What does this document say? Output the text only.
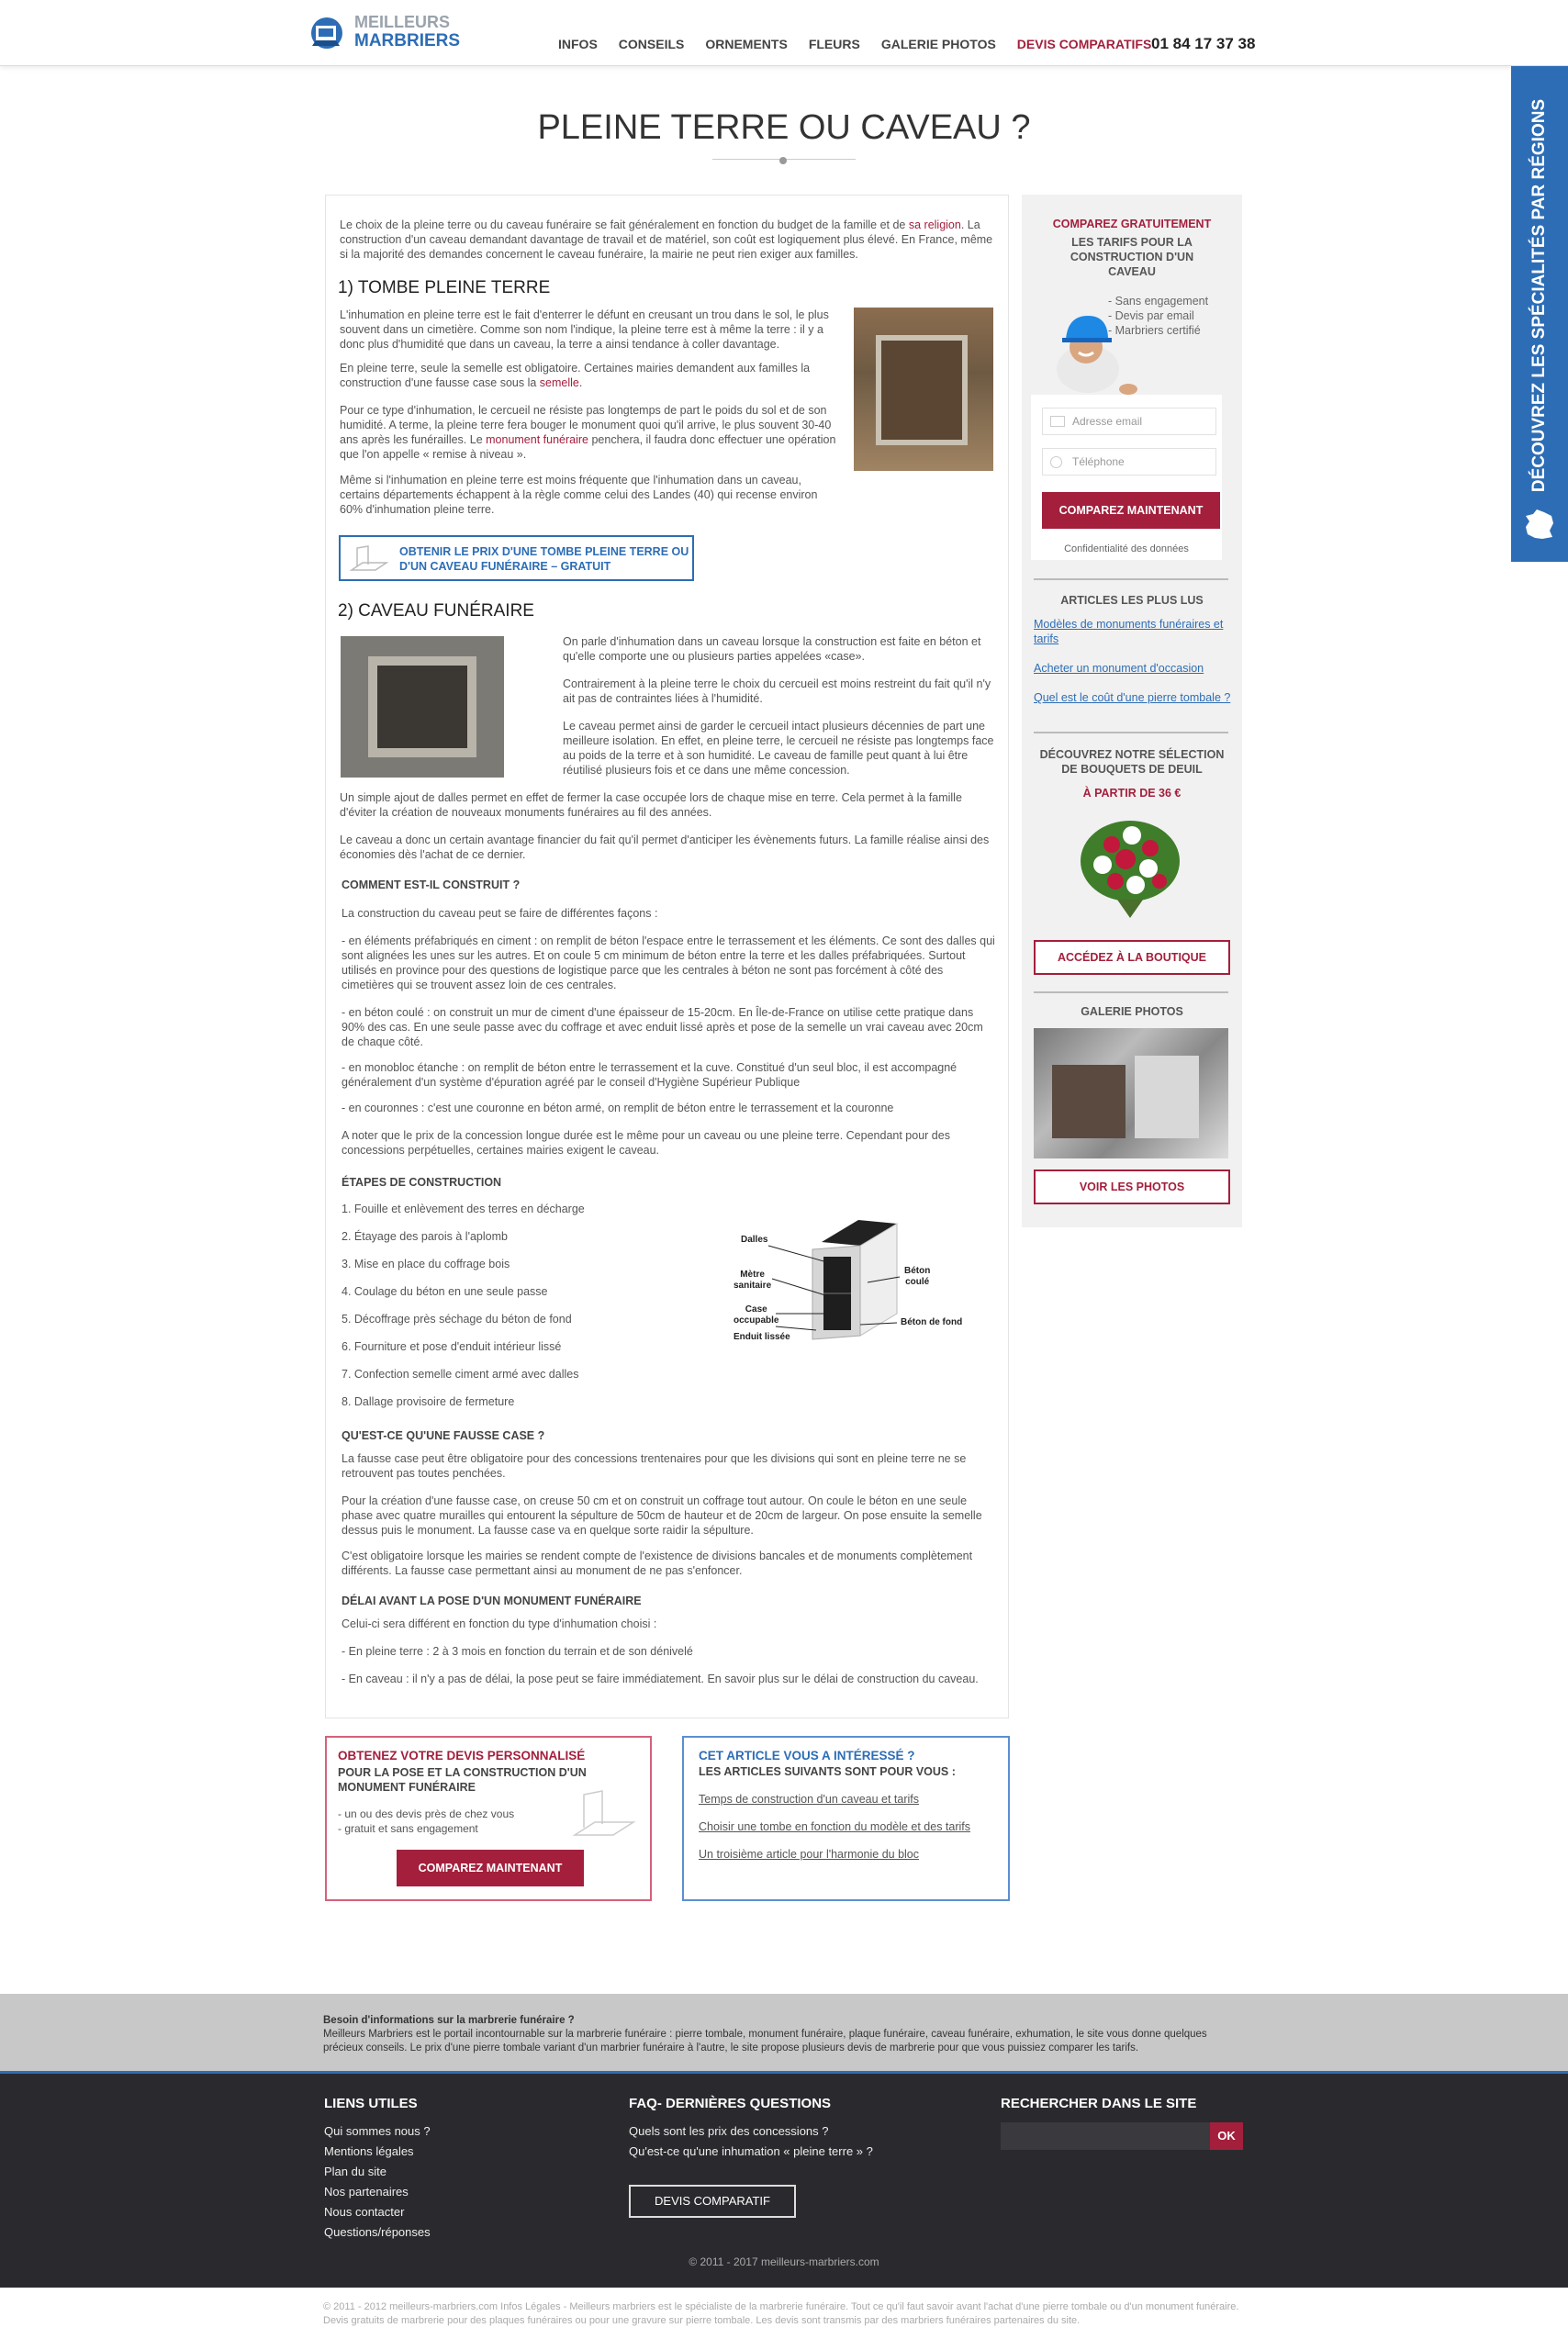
MEILLEURS
MARBRIERS	INFOS CONSEILS ORNEMENTS FLEURS GALERIE PHOTOS DEVIS COMPARATIFS 01 84 17 37 38
DÉCOUVREZ LES SPÉCIALITÉS PAR RÉGIONS
PLEINE TERRE OU CAVEAU ?
Le choix de la pleine terre ou du caveau funéraire se fait généralement en fonction du budget de la famille et de sa religion. La construction d'un caveau demandant davantage de travail et de matériel, son coût est logiquement plus élevé. En France, même si la majorité des demandes concernent le caveau funéraire, la mairie ne peut rien exiger aux familles.
1) TOMBE PLEINE TERRE
L'inhumation en pleine terre est le fait d'enterrer le défunt en creusant un trou dans le sol, le plus souvent dans un cimetière. Comme son nom l'indique, la pleine terre est à même la terre : il y a donc plus d'humidité que dans un caveau, la terre a ainsi tendance à coller davantage.
En pleine terre, seule la semelle est obligatoire. Certaines mairies demandent aux familles la construction d'une fausse case sous la semelle.
Pour ce type d'inhumation, le cercueil ne résiste pas longtemps de part le poids du sol et de son humidité. A terme, la pleine terre fera bouger le monument quoi qu'il arrive, le plus souvent 30-40 ans après les funérailles. Le monument funéraire penchera, il faudra donc effectuer une opération que l'on appelle « remise à niveau ».
Même si l'inhumation en pleine terre est moins fréquente que l'inhumation dans un caveau, certains départements échappent à la règle comme celui des Landes (40) qui recense environ 60% d'inhumation pleine terre.
OBTENIR LE PRIX D'UNE TOMBE PLEINE TERRE OU D'UN CAVEAU FUNÉRAIRE – GRATUIT
2) CAVEAU FUNÉRAIRE
On parle d'inhumation dans un caveau lorsque la construction est faite en béton et qu'elle comporte une ou plusieurs parties appelées «case».
Contrairement à la pleine terre le choix du cercueil est moins restreint du fait qu'il n'y ait pas de contraintes liées à l'humidité.
Le caveau permet ainsi de garder le cercueil intact plusieurs décennies de part une meilleure isolation. En effet, en pleine terre, le cercueil ne résiste pas longtemps face au poids de la terre et à son humidité. Le caveau de famille peut quant à lui être réutilisé plusieurs fois et ce dans une même concession.
Un simple ajout de dalles permet en effet de fermer la case occupée lors de chaque mise en terre. Cela permet à la famille d'éviter la création de nouveaux monuments funéraires au fil des années.
Le caveau a donc un certain avantage financier du fait qu'il permet d'anticiper les évènements futurs. La famille réalise ainsi des économies dès l'achat de ce dernier.
COMMENT EST-IL CONSTRUIT ?
La construction du caveau peut se faire de différentes façons :
- en éléments préfabriqués en ciment : on remplit de béton l'espace entre le terrassement et les éléments. Ce sont des dalles qui sont alignées les unes sur les autres. Et on coule 5 cm minimum de béton entre la terre et les dalles préfabriquées. Surtout utilisés en province pour des questions de logistique parce que les centrales à béton ne sont pas forcément à côté des cimetières qui se trouvent assez loin de ces centrales.
- en béton coulé : on construit un mur de ciment d'une épaisseur de 15-20cm. En Île-de-France on utilise cette pratique dans 90% des cas. En une seule passe avec du coffrage et avec enduit lissé après et pose de la semelle un vrai caveau avec 20cm de chaque côté.
- en monobloc étanche : on remplit de béton entre le terrassement et la cuve. Constitué d'un seul bloc, il est accompagné généralement d'un système d'épuration agréé par le conseil d'Hygiène Supérieur Publique
- en couronnes : c'est une couronne en béton armé, on remplit de béton entre le terrassement et la couronne
A noter que le prix de la concession longue durée est le même pour un caveau ou une pleine terre. Cependant pour des concessions perpétuelles, certaines mairies exigent le caveau.
ÉTAPES DE CONSTRUCTION
1. Fouille et enlèvement des terres en décharge
2. Étayage des parois à l'aplomb
3. Mise en place du coffrage bois
4. Coulage du béton en une seule passe
5. Décoffrage près séchage du béton de fond
6. Fourniture et pose d'enduit intérieur lissé
7. Confection semelle ciment armé avec dalles
8. Dallage provisoire de fermeture
Dalles
Mètre
sanitaire
Case
occupable
Enduit lissée
Béton
coulé
Béton de fond
QU'EST-CE QU'UNE FAUSSE CASE ?
La fausse case peut être obligatoire pour des concessions trentenaires pour que les divisions qui sont en pleine terre ne se retrouvent pas toutes penchées.
Pour la création d'une fausse case, on creuse 50 cm et on construit un coffrage tout autour. On coule le béton en une seule phase avec quatre murailles qui entourent la sépulture de 50cm de hauteur et de 20cm de largeur. On pose ensuite la semelle dessus puis le monument. La fausse case va en quelque sorte raidir la sépulture.
C'est obligatoire lorsque les mairies se rendent compte de l'existence de divisions bancales et de monuments complètement différents. La fausse case permettant ainsi au monument de ne pas s'enfoncer.
DÉLAI AVANT LA POSE D'UN MONUMENT FUNÉRAIRE
Celui-ci sera différent en fonction du type d'inhumation choisi :
- En pleine terre : 2 à 3 mois en fonction du terrain et de son dénivelé
- En caveau : il n'y a pas de délai, la pose peut se faire immédiatement. En savoir plus sur le délai de construction du caveau.
COMPAREZ GRATUITEMENT
LES TARIFS POUR LA CONSTRUCTION D'UN CAVEAU
- Sans engagement
- Devis par email
- Marbriers certifié
Adresse email
Téléphone
COMPAREZ MAINTENANT
Confidentialité des données
ARTICLES LES PLUS LUS
Modèles de monuments funéraires et tarifs
Acheter un monument d'occasion
Quel est le coût d'une pierre tombale ?
DÉCOUVREZ NOTRE SÉLECTION DE BOUQUETS DE DEUIL
À PARTIR DE 36 €
ACCÉDEZ À LA BOUTIQUE
GALERIE PHOTOS
VOIR LES PHOTOS
OBTENEZ VOTRE DEVIS PERSONNALISÉ
POUR LA POSE ET LA CONSTRUCTION D'UN MONUMENT FUNÉRAIRE
- un ou des devis près de chez vous
- gratuit et sans engagement
COMPAREZ MAINTENANT
CET ARTICLE VOUS A INTÉRESSÉ ?
LES ARTICLES SUIVANTS SONT POUR VOUS :
Temps de construction d'un caveau et tarifs
Choisir une tombe en fonction du modèle et des tarifs
Un troisième article pour l'harmonie du bloc
Besoin d'informations sur la marbrerie funéraire ?
Meilleurs Marbriers est le portail incontournable sur la marbrerie funéraire : pierre tombale, monument funéraire, plaque funéraire, caveau funéraire, exhumation, le site vous donne quelques précieux conseils. Le prix d'une pierre tombale variant d'un marbrier funéraire à l'autre, le site propose plusieurs devis de marbrerie pour que vous puissiez comparer les tarifs.
LIENS UTILES
Qui sommes nous ?
Mentions légales
Plan du site
Nos partenaires
Nous contacter
Questions/réponses
FAQ- DERNIÈRES QUESTIONS
Quels sont les prix des concessions ?
Qu'est-ce qu'une inhumation « pleine terre » ?
DEVIS COMPARATIF
RECHERCHER DANS LE SITE
OK
© 2011 - 2017 meilleurs-marbriers.com
© 2011 - 2012 meilleurs-marbriers.com Infos Légales - Meilleurs marbriers est le spécialiste de la marbrerie funéraire. Tout ce qu'il faut savoir avant l'achat d'une pierre tombale ou d'un monument funéraire. Devis gratuits de marbrerie pour des plaques funéraires ou pour une gravure sur pierre tombale. Les devis sont transmis par des marbriers funéraires partenaires du site.
